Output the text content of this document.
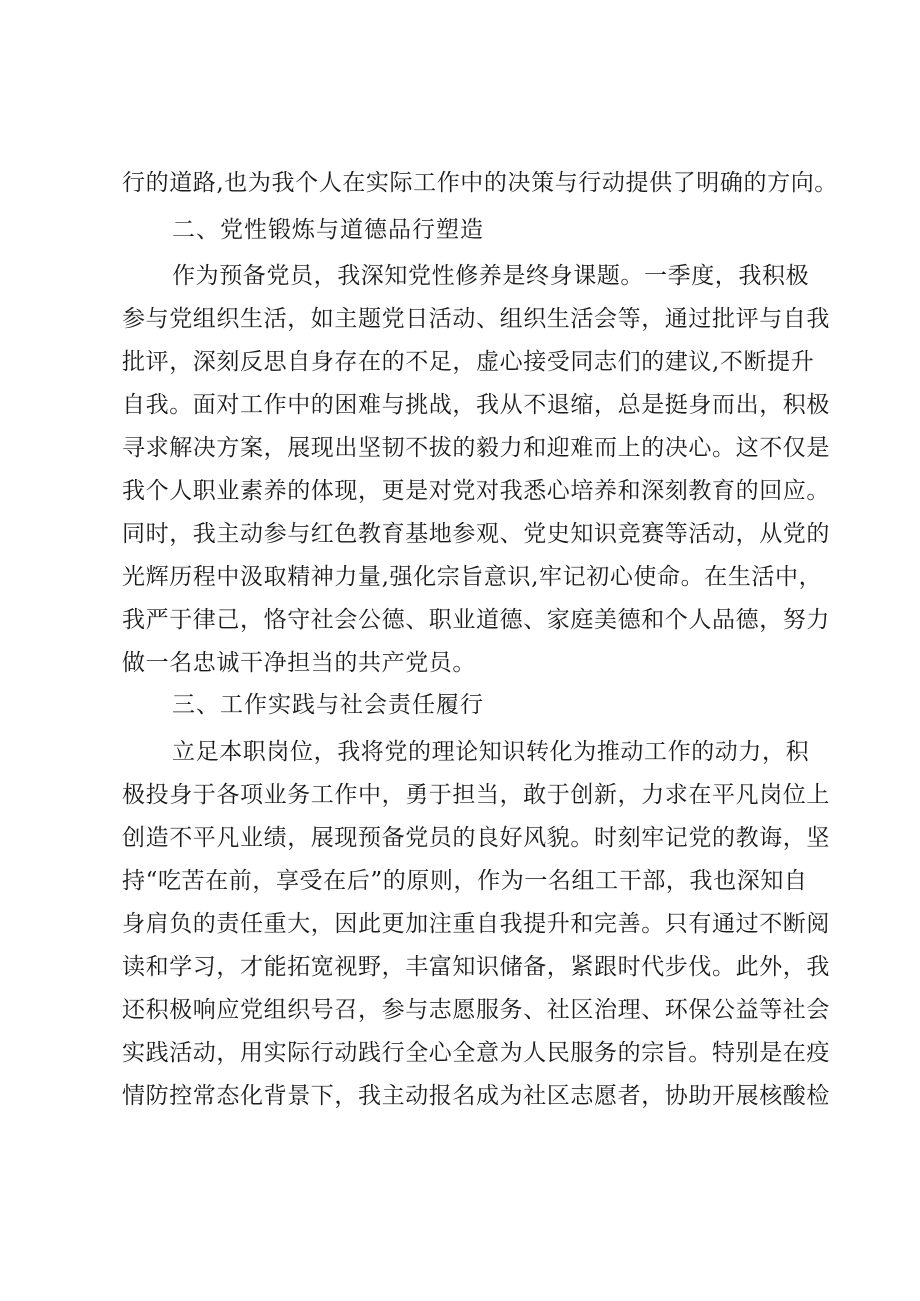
行的道路,也为我个人在实际工作中的决策与行动提供了明确的方向。
二、党性锻炼与道德品行塑造
作为预备党员，我深知党性修养是终身课题。一季度，我积极
参与党组织生活，如主题党日活动、组织生活会等，通过批评与自我
批评，深刻反思自身存在的不足，虚心接受同志们的建议,不断提升
自我。面对工作中的困难与挑战，我从不退缩，总是挺身而出，积极
寻求解决方案，展现出坚韧不拔的毅力和迎难而上的决心。这不仅是
我个人职业素养的体现，更是对党对我悉心培养和深刻教育的回应。
同时，我主动参与红色教育基地参观、党史知识竞赛等活动，从党的
光辉历程中汲取精神力量,强化宗旨意识,牢记初心使命。在生活中，
我严于律己，恪守社会公德、职业道德、家庭美德和个人品德，努力
做一名忠诚干净担当的共产党员。
三、工作实践与社会责任履行
立足本职岗位，我将党的理论知识转化为推动工作的动力，积
极投身于各项业务工作中，勇于担当，敢于创新，力求在平凡岗位上
创造不平凡业绩，展现预备党员的良好风貌。时刻牢记党的教诲，坚
持“吃苦在前，享受在后”的原则，作为一名组工干部，我也深知自
身肩负的责任重大，因此更加注重自我提升和完善。只有通过不断阅
读和学习，才能拓宽视野，丰富知识储备，紧跟时代步伐。此外，我
还积极响应党组织号召，参与志愿服务、社区治理、环保公益等社会
实践活动，用实际行动践行全心全意为人民服务的宗旨。特别是在疫
情防控常态化背景下，我主动报名成为社区志愿者，协助开展核酸检
